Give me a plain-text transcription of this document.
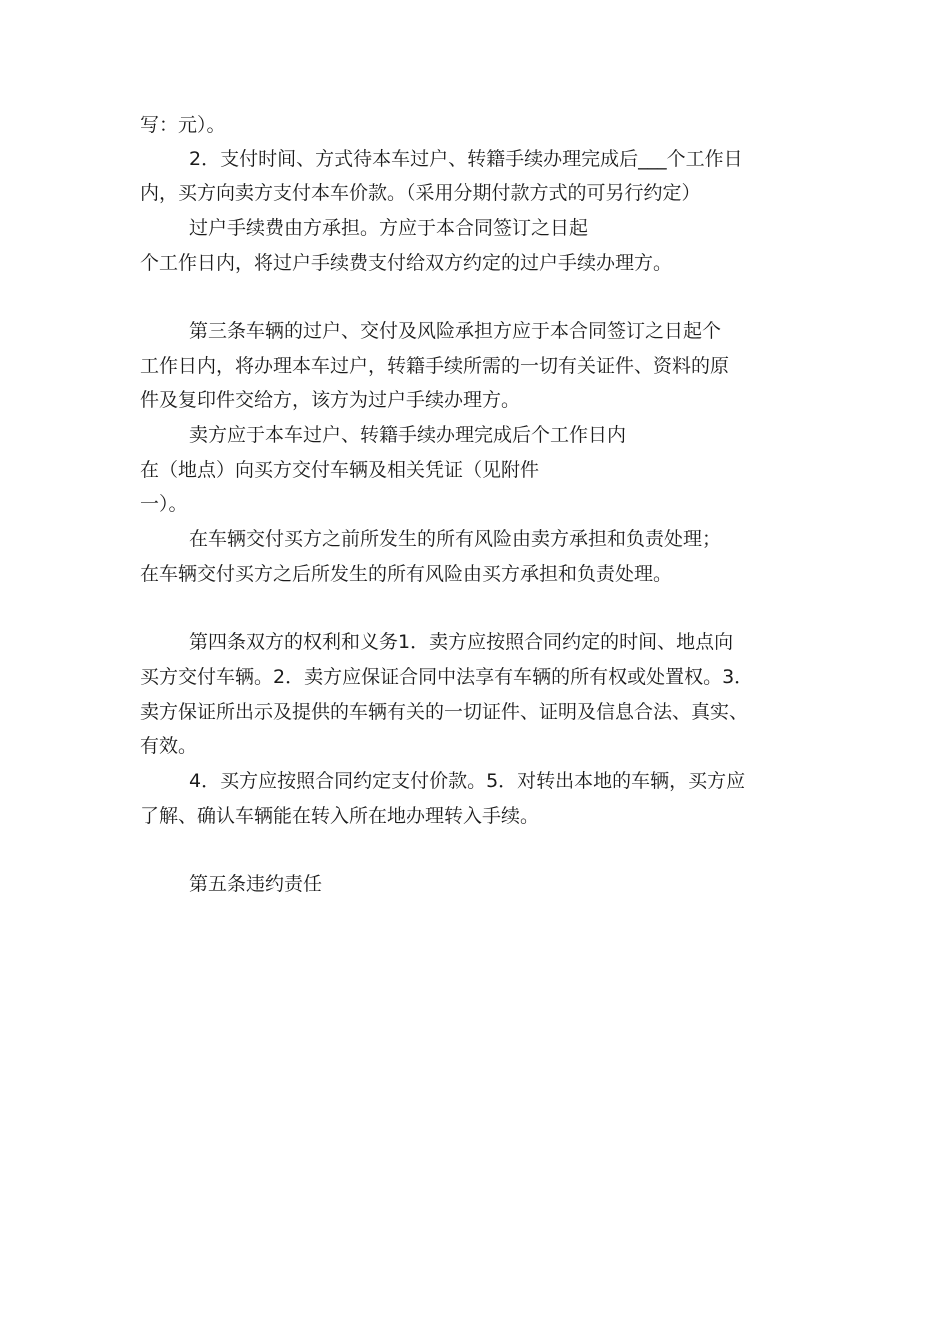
写：元）。
2．支付时间、方式待本车过户、转籍手续办理完成后___个工作日
内，买方向卖方支付本车价款。（采用分期付款方式的可另行约定）
过户手续费由方承担。方应于本合同签订之日起
个工作日内，将过户手续费支付给双方约定的过户手续办理方。
第三条车辆的过户、交付及风险承担方应于本合同签订之日起个
工作日内，将办理本车过户，转籍手续所需的一切有关证件、资料的原
件及复印件交给方，该方为过户手续办理方。
卖方应于本车过户、转籍手续办理完成后个工作日内
在（地点）向买方交付车辆及相关凭证（见附件
一）。
在车辆交付买方之前所发生的所有风险由卖方承担和负责处理；
在车辆交付买方之后所发生的所有风险由买方承担和负责处理。
第四条双方的权利和义务1．卖方应按照合同约定的时间、地点向
买方交付车辆。2．卖方应保证合同中法享有车辆的所有权或处置权。3．
卖方保证所出示及提供的车辆有关的一切证件、证明及信息合法、真实、
有效。
4．买方应按照合同约定支付价款。5．对转出本地的车辆，买方应
了解、确认车辆能在转入所在地办理转入手续。
第五条违约责任
